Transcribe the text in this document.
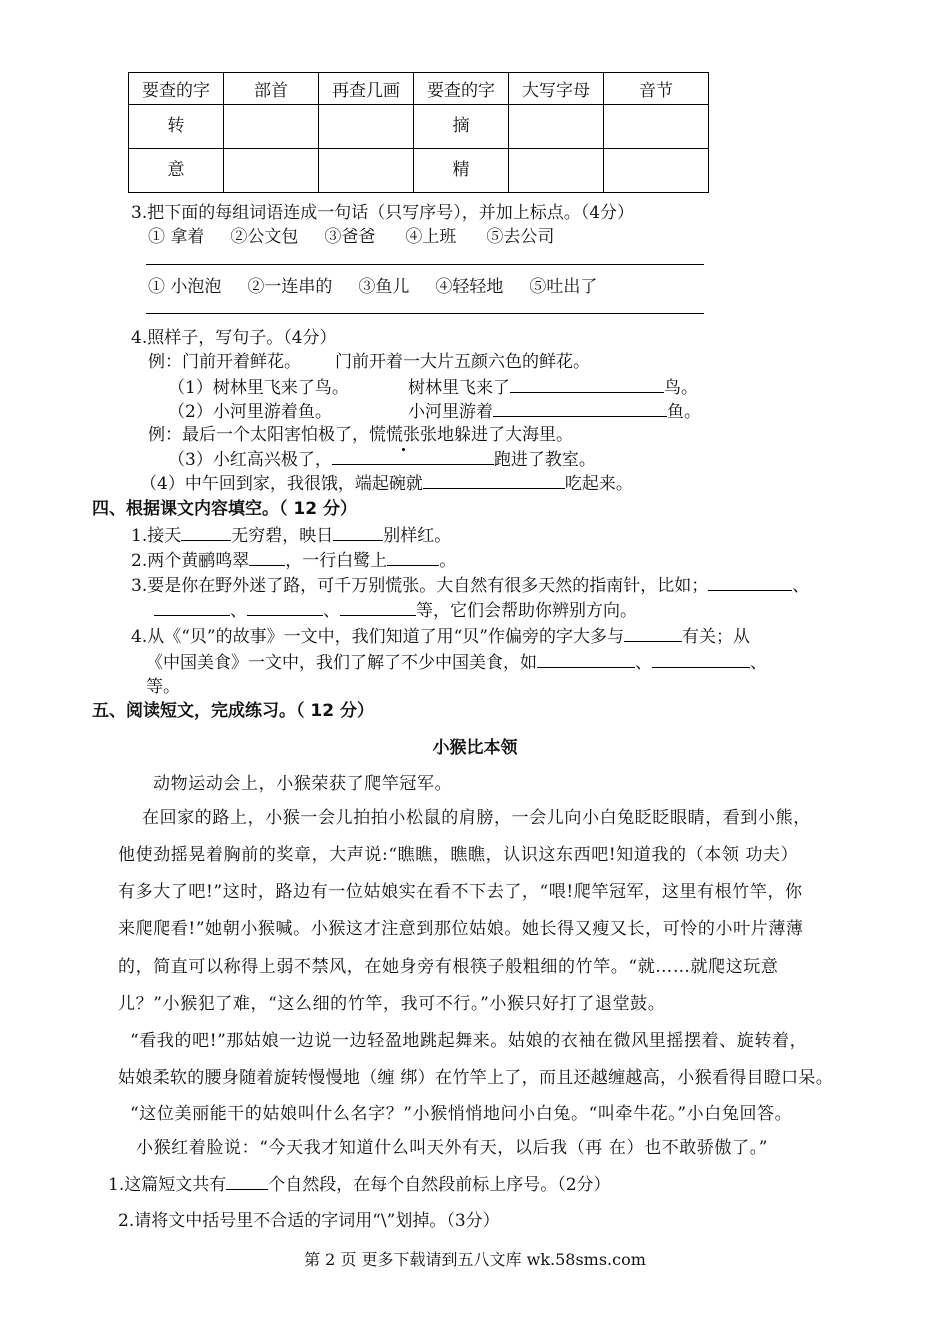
要查的字	部首	再查几画	要查的字	大写字母	音节
转			摘		
意			精		
3.把下面的每组词语连成一句话（只写序号），并加上标点。（4分）
① 拿着 ②公文包 ③爸爸 ④上班 ⑤去公司
① 小泡泡 ②一连串的 ③鱼儿 ④轻轻地 ⑤吐出了
4.照样子，写句子。（4分）
例：门前开着鲜花。 门前开着一大片五颜六色的鲜花。
（1）树林里飞来了鸟。	树林里飞来了	鸟。
（2）小河里游着鱼。	小河里游着	鱼。
例：最后一个太阳害怕极了，慌慌张张地躲进了大海里。
（3）小红高兴极了，	跑进了教室。
（4）中午回到家，我很饿，端起碗就	吃起来。
四、根据课文内容填空。（ 12 分）
1.接天	无穷碧，映日	别样红。
2.两个黄鹂鸣翠 ，一行白鹭上	。
3.要是你在野外迷了路，可千万别慌张。大自然有很多天然的指南针，比如；	、
、	、	等，它们会帮助你辨别方向。
4.从《“贝”的故事》一文中，我们知道了用“贝”作偏旁的字大多与	有关；从
《中国美食》一文中，我们了解了不少中国美食，如	、	、
等。
五、阅读短文，完成练习。（ 12 分）
小猴比本领
动物运动会上，小猴荣获了爬竿冠军。
在回家的路上，小猴一会儿拍拍小松鼠的肩膀，一会儿向小白兔眨眨眼睛，看到小熊，
他使劲摇晃着胸前的奖章，大声说:“瞧瞧，瞧瞧，认识这东西吧!知道我的（本领 功夫）
有多大了吧!”这时，路边有一位姑娘实在看不下去了，“喂!爬竿冠军，这里有根竹竿，你
来爬爬看!”她朝小猴喊。小猴这才注意到那位姑娘。她长得又瘦又长，可怜的小叶片薄薄
的，简直可以称得上弱不禁风，在她身旁有根筷子般粗细的竹竿。“就……就爬这玩意
儿？”小猴犯了难，“这么细的竹竿，我可不行。”小猴只好打了退堂鼓。
“看我的吧!”那姑娘一边说一边轻盈地跳起舞来。姑娘的衣袖在微风里摇摆着、旋转着，
姑娘柔软的腰身随着旋转慢慢地（缠 绑）在竹竿上了，而且还越缠越高，小猴看得目瞪口呆。
“这位美丽能干的姑娘叫什么名字？”小猴悄悄地问小白兔。“叫牵牛花。”小白兔回答。
小猴红着脸说：“今天我才知道什么叫天外有天，以后我（再 在）也不敢骄傲了。”
1.这篇短文共有 个自然段，在每个自然段前标上序号。（2分）
2.请将文中括号里不合适的字词用“\”划掉。（3分）
第 2 页 更多下载请到五八文库 wk.58sms.com
